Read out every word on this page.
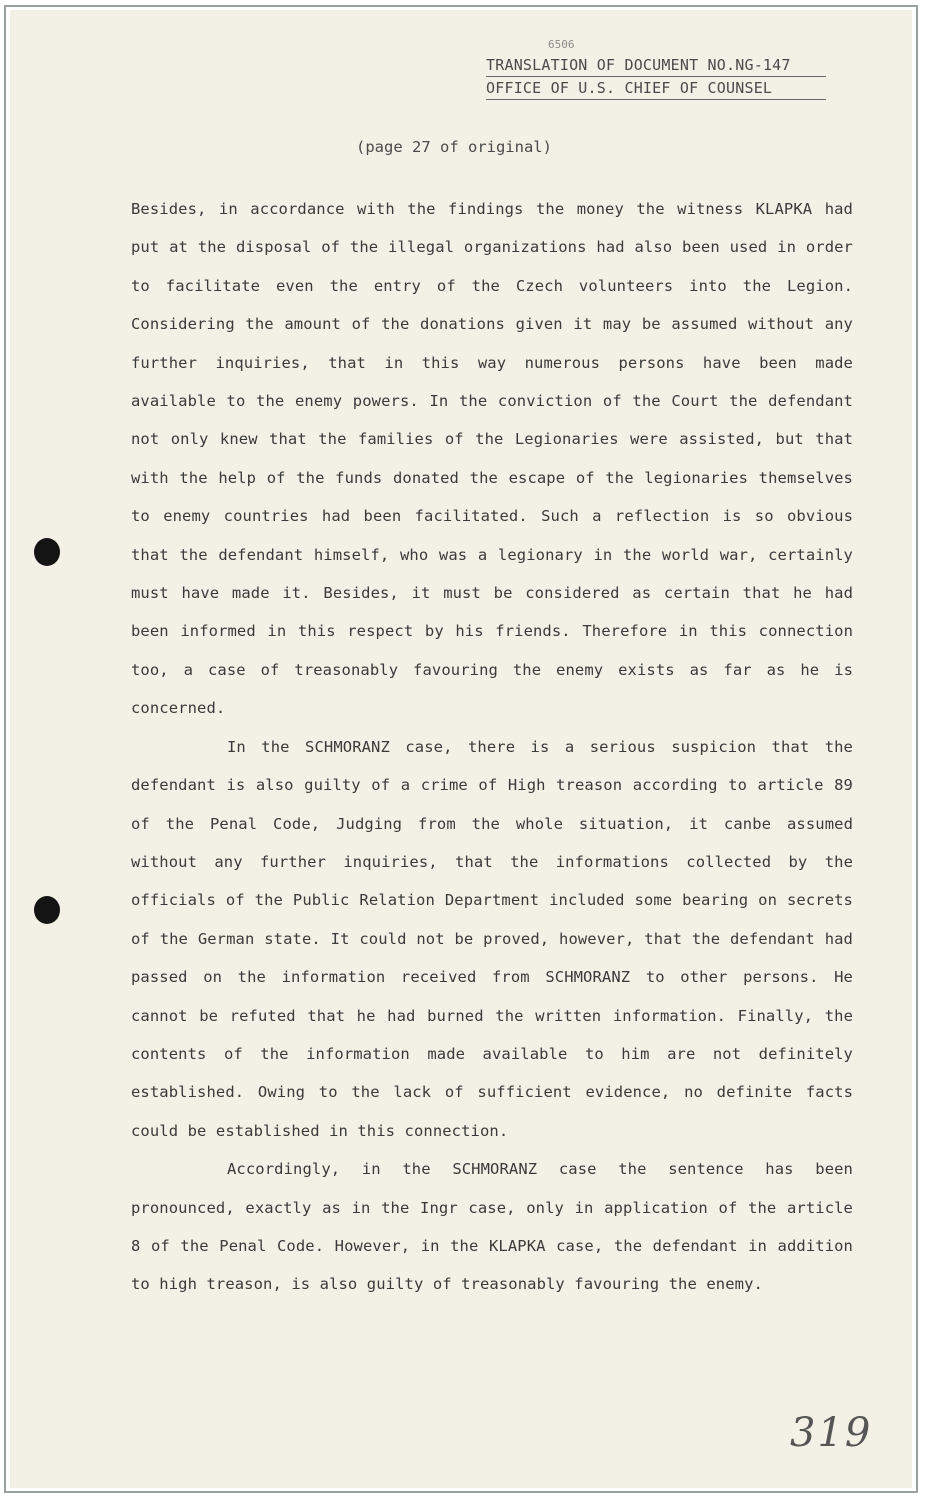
6506
TRANSLATION OF DOCUMENT NO.NG-147
OFFICE OF U.S. CHIEF OF COUNSEL
(page 27 of original)

Besides, in accordance with the findings the money the witness KLAPKA had put at the disposal of the illegal organizations had also been used in order to facilitate even the entry of the Czech volunteers into the Legion. Considering the amount of the donations given it may be assumed without any further inquiries, that in this way numerous persons have been made available to the enemy powers. In the conviction of the Court the defendant not only knew that the families of the Legionaries were assisted, but that with the help of the funds donated the escape of the legionaries themselves to enemy countries had been facilitated. Such a reflection is so obvious that the defendant himself, who was a legionary in the world war, certainly must have made it. Besides, it must be considered as certain that he had been informed in this respect by his friends. Therefore in this connection too, a case of treasonably favouring the enemy exists as far as he is concerned.

In the SCHMORANZ case, there is a serious suspicion that the defendant is also guilty of a crime of High treason according to article 89 of the Penal Code, Judging from the whole situation, it canbe assumed without any further inquiries, that the informations collected by the officials of the Public Relation Department included some bearing on secrets of the German state. It could not be proved, however, that the defendant had passed on the information received from SCHMORANZ to other persons. He cannot be refuted that he had burned the written information. Finally, the contents of the information made available to him are not definitely established. Owing to the lack of sufficient evidence, no definite facts could be established in this connection.

Accordingly, in the SCHMORANZ case the sentence has been pronounced, exactly as in the Ingr case, only in application of the article 8 of the Penal Code. However, in the KLAPKA case, the defendant in addition to high treason, is also guilty of treasonably favouring the enemy.

319
